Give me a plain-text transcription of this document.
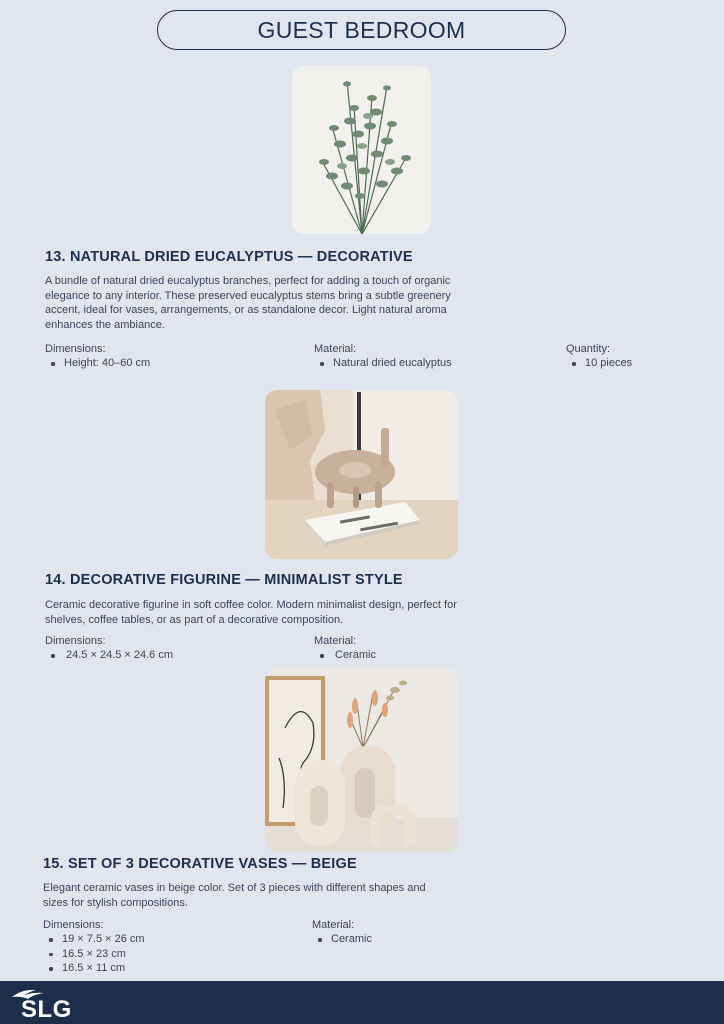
GUEST BEDROOM
13. NATURAL DRIED EUCALYPTUS — DECORATIVE
A bundle of natural dried eucalyptus branches, perfect for adding a touch of organic elegance to any interior. These preserved eucalyptus stems bring a subtle greenery accent, ideal for vases, arrangements, or as standalone decor. Light natural aroma enhances the ambiance.
Dimensions:
Height: 40–60 cm
Material:
Natural dried eucalyptus
Quantity:
10 pieces
14. DECORATIVE FIGURINE — MINIMALIST STYLE
Ceramic decorative figurine in soft coffee color. Modern minimalist design, perfect for shelves, coffee tables, or as part of a decorative composition.
Dimensions:
24.5 × 24.5 × 24.6 cm
Material:
Ceramic
15. SET OF 3 DECORATIVE VASES — BEIGE
Elegant ceramic vases in beige color. Set of 3 pieces with different shapes and sizes for stylish compositions.
Dimensions:
19 × 7.5 × 26 cm
16.5 × 23 cm
16.5 × 11 cm
Material:
Ceramic
SLG
